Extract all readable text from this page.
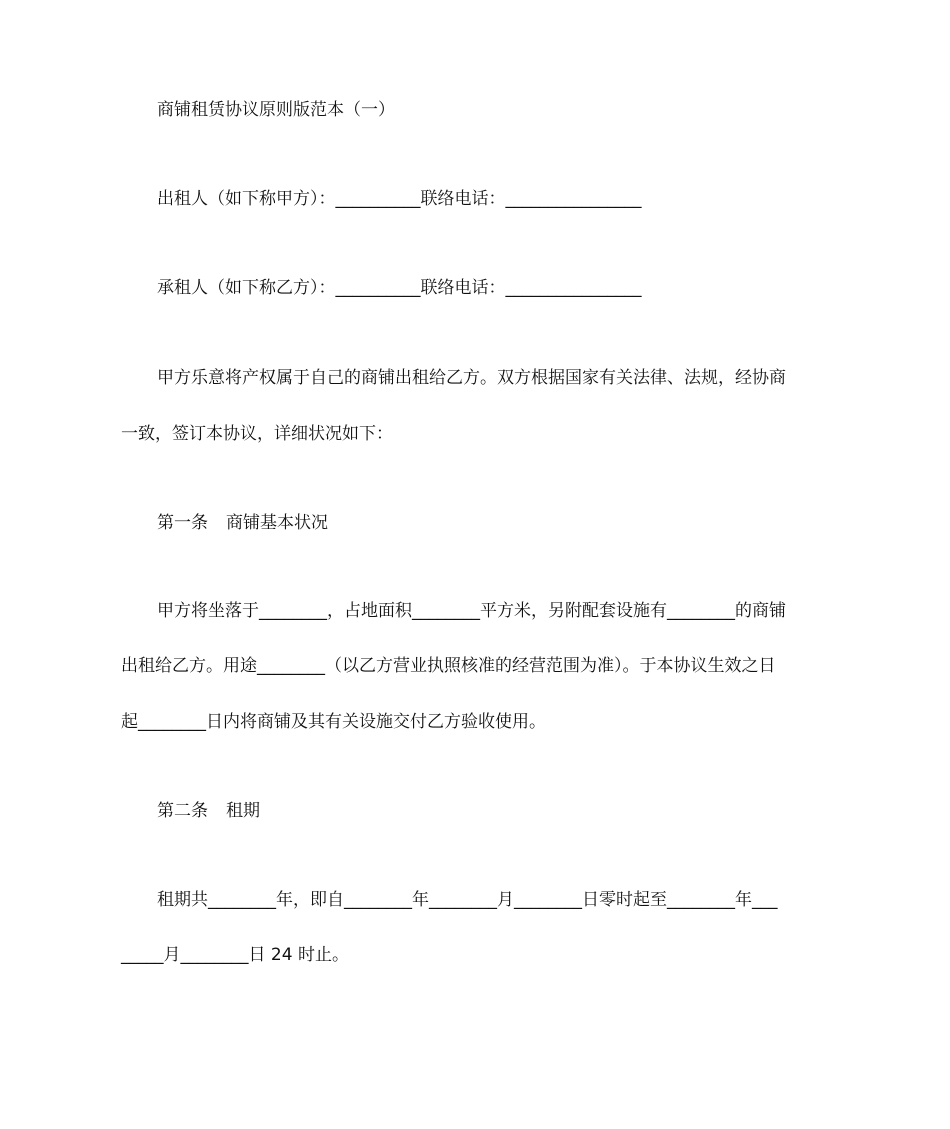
商铺租赁协议原则版范本（一）
出租人（如下称甲方）：__________联络电话：________________
承租人（如下称乙方）：__________联络电话：________________
甲方乐意将产权属于自己的商铺出租给乙方。双方根据国家有关法律、法规，经协商
一致，签订本协议，详细状况如下：
第一条 商铺基本状况
甲方将坐落于________，占地面积________平方米，另附配套设施有________的商铺
出租给乙方。用途________（以乙方营业执照核准的经营范围为准）。于本协议生效之日
起________日内将商铺及其有关设施交付乙方验收使用。
第二条 租期
租期共________年，即自________年________月________日零时起至________年___
_____月________日 24 时止。
